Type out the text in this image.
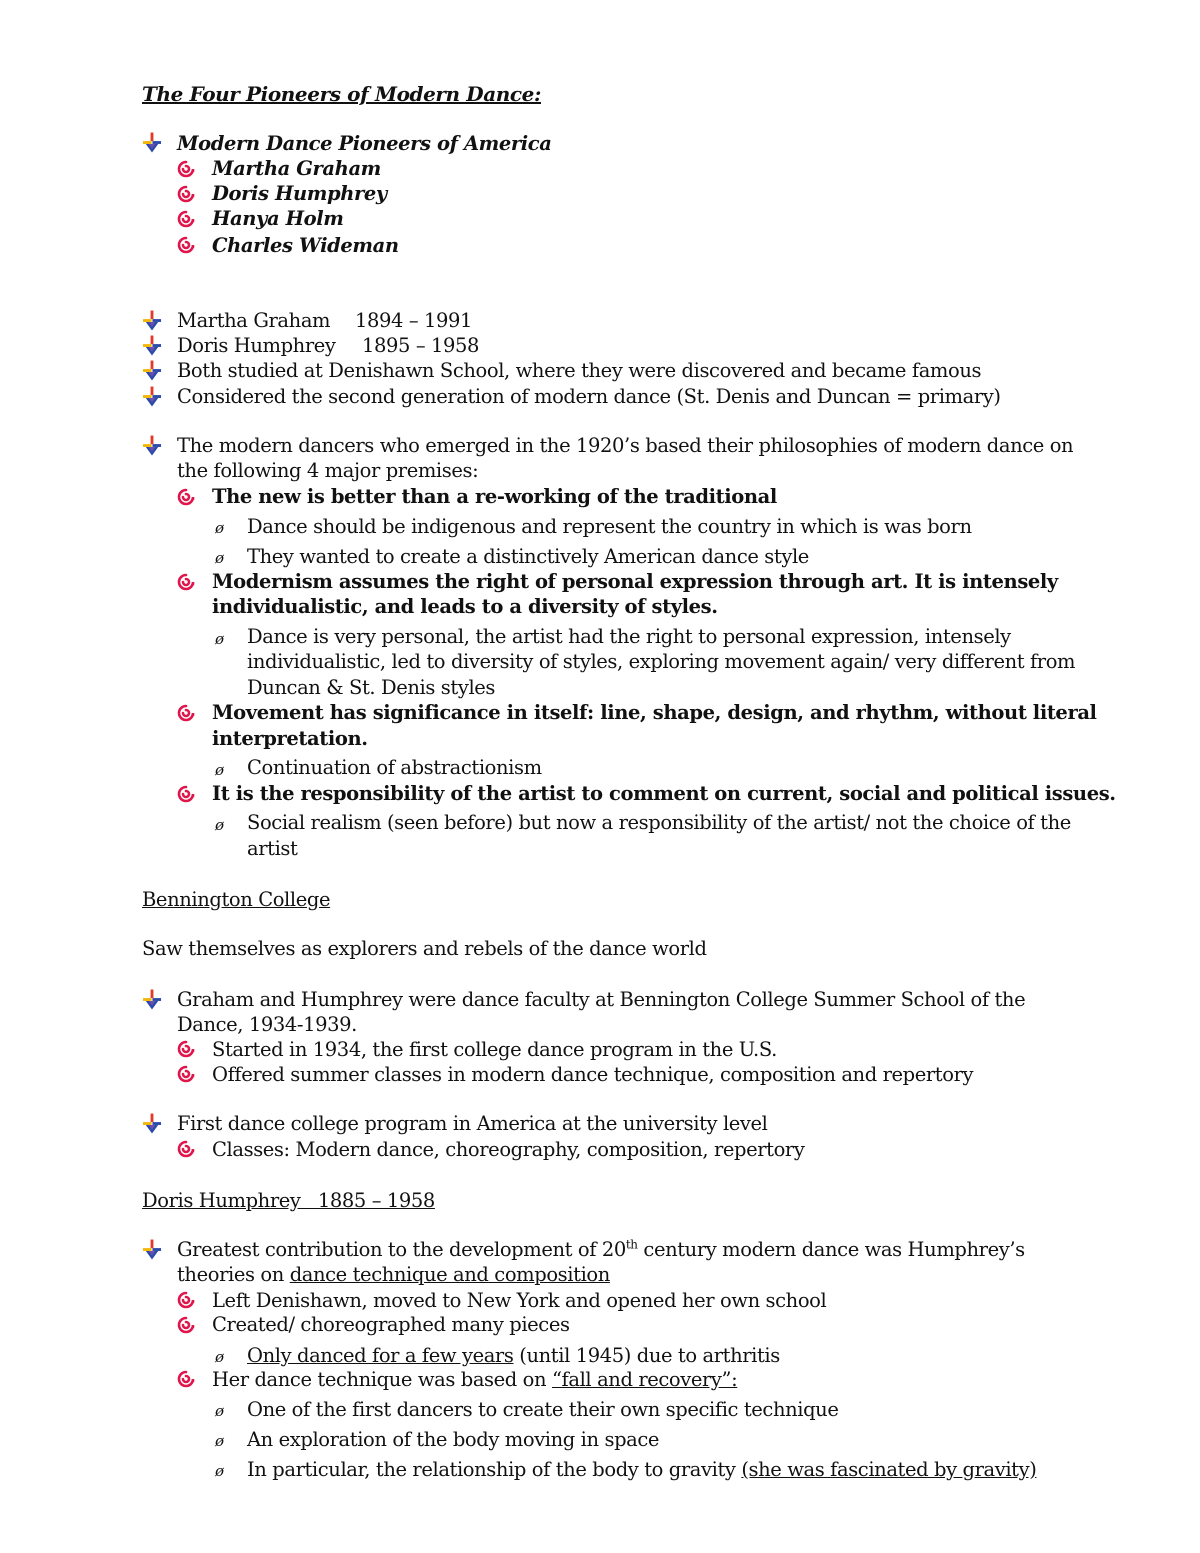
The Four Pioneers of Modern Dance:
Modern Dance Pioneers of America
Martha Graham
Doris Humphrey
Hanya Holm
Charles Wideman
Martha Graham 1894 – 1991
Doris Humphrey 1895 – 1958
Both studied at Denishawn School, where they were discovered and became famous
Considered the second generation of modern dance (St. Denis and Duncan = primary)
The modern dancers who emerged in the 1920’s based their philosophies of modern dance on
the following 4 major premises:
The new is better than a re-working of the traditional
ø Dance should be indigenous and represent the country in which is was born
ø They wanted to create a distinctively American dance style
Modernism assumes the right of personal expression through art. It is intensely
individualistic, and leads to a diversity of styles.
ø Dance is very personal, the artist had the right to personal expression, intensely
individualistic, led to diversity of styles, exploring movement again/ very different from
Duncan & St. Denis styles
Movement has significance in itself: line, shape, design, and rhythm, without literal
interpretation.
ø Continuation of abstractionism
It is the responsibility of the artist to comment on current, social and political issues.
ø Social realism (seen before) but now a responsibility of the artist/ not the choice of the
artist
Bennington College
Saw themselves as explorers and rebels of the dance world
Graham and Humphrey were dance faculty at Bennington College Summer School of the
Dance, 1934-1939.
Started in 1934, the first college dance program in the U.S.
Offered summer classes in modern dance technique, composition and repertory
First dance college program in America at the university level
Classes: Modern dance, choreography, composition, repertory
Doris Humphrey   1885 – 1958
Greatest contribution to the development of 20th century modern dance was Humphrey’s
theories on dance technique and composition
Left Denishawn, moved to New York and opened her own school
Created/ choreographed many pieces
ø Only danced for a few years (until 1945) due to arthritis
Her dance technique was based on “fall and recovery”:
ø One of the first dancers to create their own specific technique
ø An exploration of the body moving in space
ø In particular, the relationship of the body to gravity (she was fascinated by gravity)
